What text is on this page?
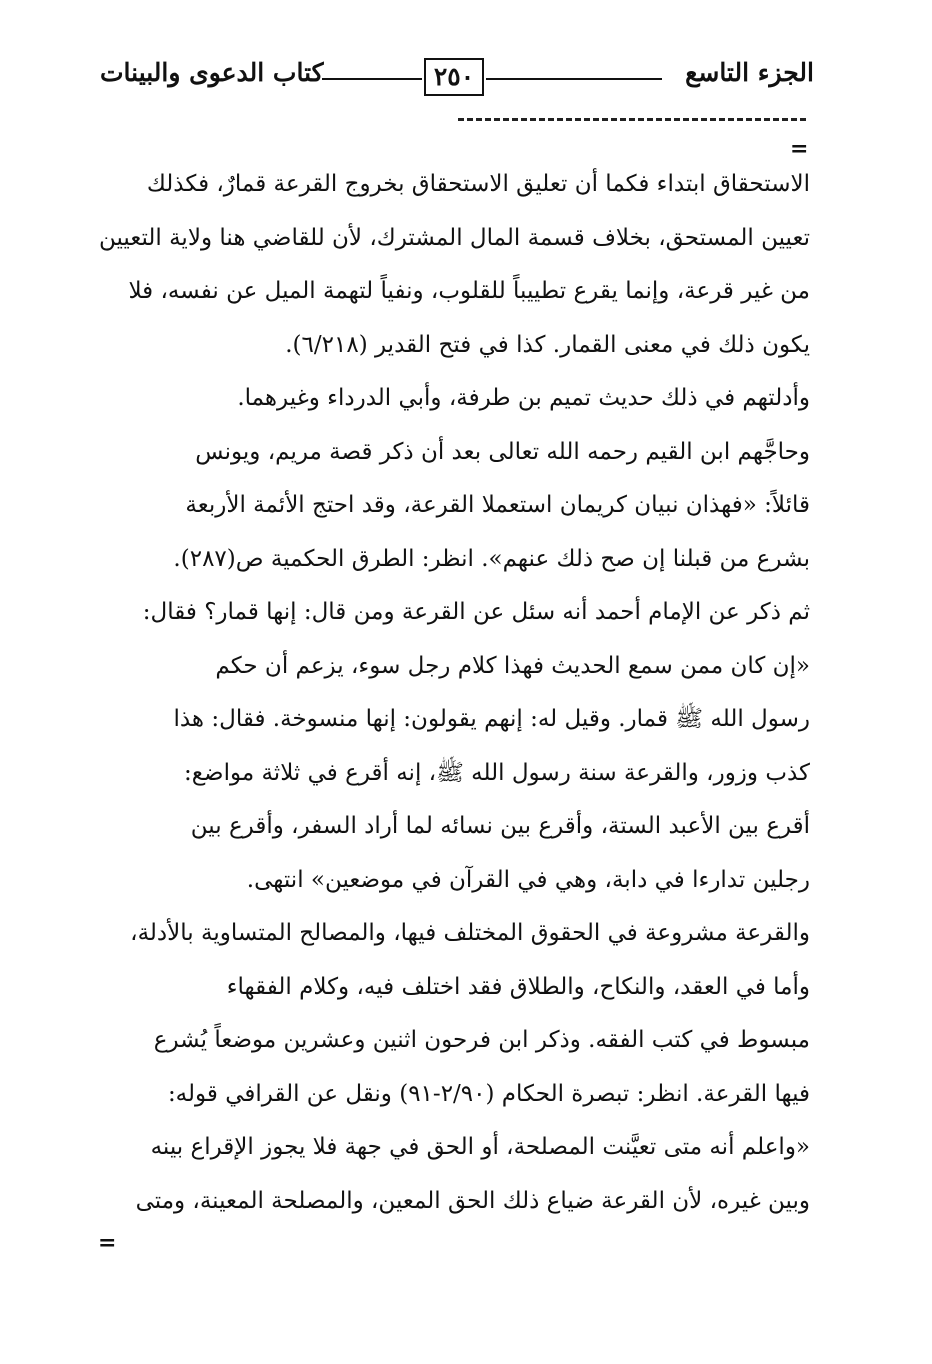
كتاب الدعوى والبينات	٢٥٠	الجزء التاسع
=

الاستحقاق ابتداء فكما أن تعليق الاستحقاق بخروج القرعة قمارٌ، فكذلك

تعيين المستحق، بخلاف قسمة المال المشترك، لأن للقاضي هنا ولاية التعيين

من غير قرعة، وإنما يقرع تطييباً للقلوب، ونفياً لتهمة الميل عن نفسه، فلا

يكون ذلك في معنى القمار. كذا في فتح القدير (٦/٢١٨).

وأدلتهم في ذلك حديث تميم بن طرفة، وأبي الدرداء وغيرهما.

وحاجَّهم ابن القيم رحمه الله تعالى بعد أن ذكر قصة مريم، ويونس

قائلاً: «فهذان نبيان كريمان استعملا القرعة، وقد احتج الأئمة الأربعة

بشرع من قبلنا إن صح ذلك عنهم». انظر: الطرق الحكمية ص(٢٨٧).

ثم ذكر عن الإمام أحمد أنه سئل عن القرعة ومن قال: إنها قمار؟ فقال:

«إن كان ممن سمع الحديث فهذا كلام رجل سوء، يزعم أن حكم

رسول الله ﷺ قمار. وقيل له: إنهم يقولون: إنها منسوخة. فقال: هذا

كذب وزور، والقرعة سنة رسول الله ﷺ، إنه أقرع في ثلاثة مواضع:

أقرع بين الأعبد الستة، وأقرع بين نسائه لما أراد السفر، وأقرع بين

رجلين تدارءا في دابة، وهي في القرآن في موضعين» انتهى.

والقرعة مشروعة في الحقوق المختلف فيها، والمصالح المتساوية بالأدلة،

وأما في العقد، والنكاح، والطلاق فقد اختلف فيه، وكلام الفقهاء

مبسوط في كتب الفقه. وذكر ابن فرحون اثنين وعشرين موضعاً يُشرع

فيها القرعة. انظر: تبصرة الحكام (٢/٩٠-٩١) ونقل عن القرافي قوله:

«واعلم أنه متى تعيَّنت المصلحة، أو الحق في جهة فلا يجوز الإقراع بينه

وبين غيره، لأن القرعة ضياع ذلك الحق المعين، والمصلحة المعينة، ومتى

=
